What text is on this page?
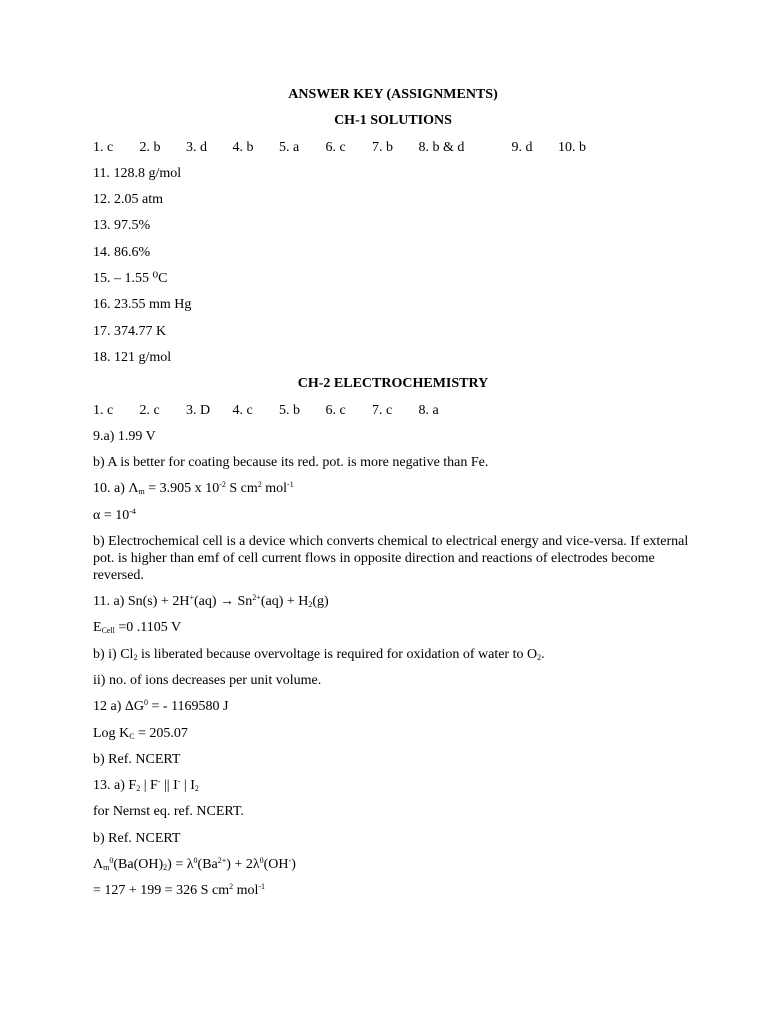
ANSWER KEY (ASSIGNMENTS)
CH-1 SOLUTIONS
1. c	2. b	3. d	4. b	5. a	6. c	7. b	8. b & d	9. d	10. b
11. 128.8 g/mol
12. 2.05 atm
13. 97.5%
14. 86.6%
15. – 1.55 ⁰C
16. 23.55 mm Hg
17. 374.77 K
18. 121 g/mol
CH-2 ELECTROCHEMISTRY
1. c	2. c	3. D	4. c	5. b	6. c	7. c	8. a
9.a) 1.99 V
b) A is better for coating because its red. pot. is more negative than Fe.
10. a) $\Lambda_m = 3.905$ x $10^{-2}$ S $cm^2$ mol$^{-1}$
$\alpha = 10^{-4}$
b) Electrochemical cell is a device which converts chemical to electrical energy and vice-versa. If external pot. is higher than emf of cell current flows in opposite direction and reactions of electrodes become reversed.
11. a) $Sn(s) + 2H^+(aq) \to Sn^{2+}(aq) + H_2(g)$
$E_{Cell} =0$ .1105 V
b) i) $Cl_2$ is liberated because overvoltage is required for oxidation of water to $O_2$.
ii) no. of ions decreases per unit volume.
12 a) $\Delta G^0$ = - 1169580 J
Log $K_C = 205.07$
b) Ref. NCERT
13. a) $F_2$ | F- || I- | $I_2$
for Nernst eq. ref. NCERT.
b) Ref. NCERT
$\Lambda_m^0(Ba(OH)_2) = \lambda^0(Ba^{2+}) + 2\lambda^0(OH^-)$
= 127 + 199 = 326 S $cm^2$ mol$^{-1}$
